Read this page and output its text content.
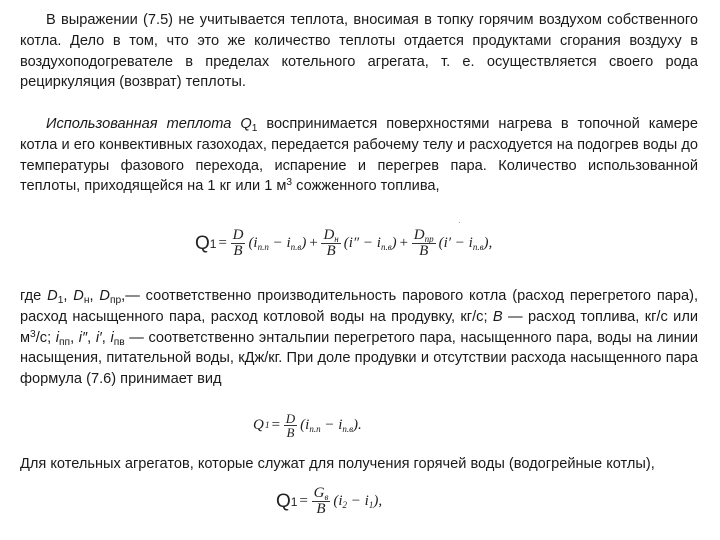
В выражении (7.5) не учитывается теплота, вносимая в топку горячим воздухом собственного котла. Дело в том, что это же количество теплоты отдается продуктами сгорания воздуху в воздухоподогревателе в пределах котельного агрегата, т. е. осуществляется своего рода рециркуляция (возврат) теплоты.

Использованная теплота $Q_1$ воспринимается поверхностями нагрева в топочной камере котла и его конвективных газоходах, передается рабочему телу и расходуется на подогрев воды до температуры фазового перехода, испарение и перегрев пара. Количество использованной теплоты, приходящейся на 1 кг или 1 $м^3$ сожженного топлива,

·
Q $1 = \frac{D}{B} (i_{п.п} - i_{п.в}) + \frac{D_н}{B} (i'' - i_{п.в}) + \frac{D_{пр}}{B} (i' - i_{п.в})$,

где $D_1$, $D_н$, $D_{пр},—$ соответственно производительность парового котла (расход перегретого пара), расход насыщенного пара, расход котловой воды на продувку, кг/с; B — расход топлива, кг/с или $м^3/с$; $i_{пп}$, i″, i′, $i_{пв}$ — соответственно энтальпии перегретого пара, насыщенного пара, воды на линии насыщения, питательной воды, кДж/кг. При доле продувки и отсутствии расхода насыщенного пара формула (7.6) принимает вид

Q $1 = \frac{D}{B} (i_{п.п} - i_{п.в})$.

Для котельных агрегатов, которые служат для получения горячей воды (водогрейные котлы),

Q $1 = \frac{G_в}{B} (i_2 - i_1)$,
